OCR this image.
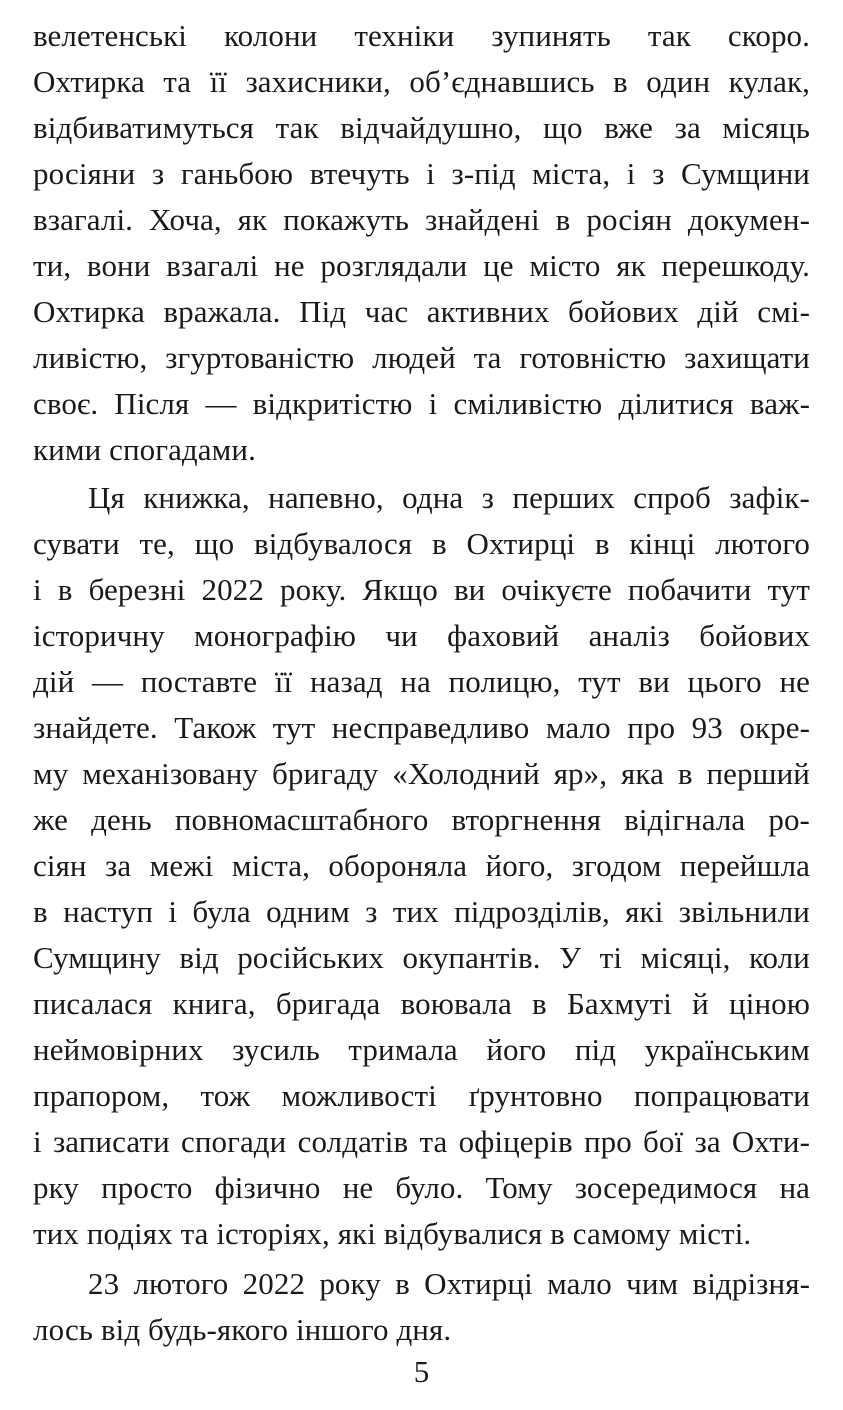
велетенські колони техніки зупинять так скоро.
Охтирка та її захисники, об’єднавшись в один кулак,
відбиватимуться так відчайдушно, що вже за місяць
росіяни з ганьбою втечуть і з-під міста, і з Сумщини
взагалі. Хоча, як покажуть знайдені в росіян докумен-
ти, вони взагалі не розглядали це місто як перешкоду.
Охтирка вражала. Під час активних бойових дій смі-
ливістю, згуртованістю людей та готовністю захищати
своє. Після — відкритістю і сміливістю ділитися важ-
кими спогадами.
Ця книжка, напевно, одна з перших спроб зафік-
сувати те, що відбувалося в Охтирці в кінці лютого
і в березні 2022 року. Якщо ви очікуєте побачити тут
історичну монографію чи фаховий аналіз бойових
дій — поставте її назад на полицю, тут ви цього не
знайдете. Також тут несправедливо мало про 93 окре-
му механізовану бригаду «Холодний яр», яка в перший
же день повномасштабного вторгнення відігнала ро-
сіян за межі міста, обороняла його, згодом перейшла
в наступ і була одним з тих підрозділів, які звільнили
Сумщину від російських окупантів. У ті місяці, коли
писалася книга, бригада воювала в Бахмуті й ціною
неймовірних зусиль тримала його під українським
прапором, тож можливості ґрунтовно попрацювати
і записати спогади солдатів та офіцерів про бої за Охти-
рку просто фізично не було. Тому зосередимося на
тих подіях та історіях, які відбувалися в самому місті.
23 лютого 2022 року в Охтирці мало чим відрізня-
лось від будь-якого іншого дня.
5
